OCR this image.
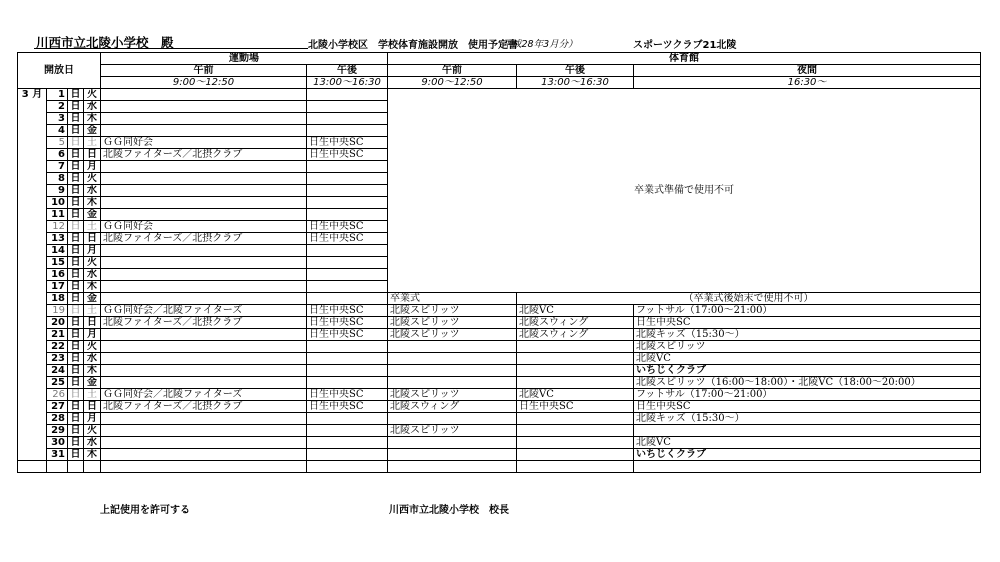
川西市立北陵小学校　殿	北陵小学校区　学校体育施設開放　使用予定書
（平成28年3月分）	スポーツクラブ21北陵
開放日				運動場		体育館		
				午前	午後	午前	午後	夜間
				9:00～12:50	13:00～16:30	9:00～12:50	13:00～16:30	16:30～
3 月	1	日	火			卒業式準備で使用不可		
	2	日	水					
	3	日	木					
	4	日	金					
	5	日	土	ＧＧ同好会	日生中央SC			
	6	日	日	北陵ファイターズ／北摂クラブ	日生中央SC			
	7	日	月					
	8	日	火					
	9	日	水					
	10	日	木					
	11	日	金					
	12	日	土	ＧＧ同好会	日生中央SC			
	13	日	日	北陵ファイターズ／北摂クラブ	日生中央SC			
	14	日	月					
	15	日	火					
	16	日	水					
	17	日	木					
	18	日	金			卒業式	（卒業式後始末で使用不可）	
	19	日	土	ＧＧ同好会／北陵ファイターズ	日生中央SC	北陵スピリッツ	北陵VC	フットサル（17:00～21:00）
	20	日	日	北陵ファイターズ／北摂クラブ	日生中央SC	北陵スピリッツ	北陵スウィング	日生中央SC
	21	日	月		日生中央SC	北陵スピリッツ	北陵スウィング	北陵キッズ（15:30～）
	22	日	火					北陵スピリッツ
	23	日	水					北陵VC
	24	日	木					いちじくクラブ
	25	日	金					北陵スピリッツ（16:00～18:00）・北陵VC（18:00～20:00）
	26	日	土	ＧＧ同好会／北陵ファイターズ	日生中央SC	北陵スピリッツ	北陵VC	フットサル（17:00～21:00）
	27	日	日	北陵ファイターズ／北摂クラブ	日生中央SC	北陵スウィング	日生中央SC	日生中央SC
	28	日	月					北陵キッズ（15:30～）
	29	日	火			北陵スピリッツ		
	30	日	水					北陵VC
	31	日	木					いちじくクラブ

上記使用を許可する	川西市立北陵小学校　校長
